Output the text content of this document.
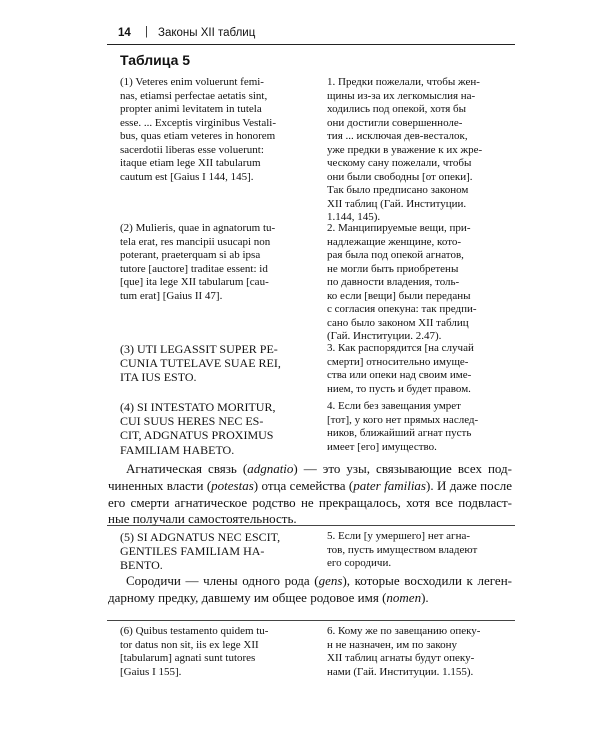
14 | Законы XII таблиц
Таблица 5
(1) Veteres enim voluerunt femi-
nas, etiamsi perfectae aetatis sint,
propter animi levitatem in tutela
esse. ... Exceptis virginibus Vestali-
bus, quas etiam veteres in honorem
sacerdotii liberas esse voluerunt:
itaque etiam lege XII tabularum
cautum est [Gaius I 144, 145].
1. Предки пожелали, чтобы жен-
щины из-за их легкомыслия на-
ходились под опекой, хотя бы
они достигли совершеннолe-
тия ... исключая дев-весталок,
уже предки в уважение к их жре-
ческому сану пожелали, чтобы
они были свободны [от опеки].
Так было предписано законом
XII таблиц (Гай. Институции.
1.144, 145).
(2) Mulieris, quae in agnatorum tu-
tela erat, res mancipii usucapi non
poterant, praeterquam si ab ipsa
tutore [auctore] traditae essent: id
[que] ita lege XII tabularum [cau-
tum erat] [Gaius II 47].
2. Манципируемые вещи, при-
надлежащие женщине, кото-
рая была под опекой агнатов,
не могли быть приобретены
по давности владения, толь-
ко если [вещи] были переданы
с согласия опекуна: так предпи-
сано было законом XII таблиц
(Гай. Институции. 2.47).
(3) UTI LEGASSIT SUPER PE-
CUNIA TUTELAVE SUAE REI,
ITA IUS ESTO.
3. Как распорядится [на случай
смерти] относительно имуще-
ства или опеки над своим име-
нием, то пусть и будет правом.
(4) SI INTESTATO MORITUR,
CUI SUUS HERES NEC ES-
CIT, ADGNATUS PROXIMUS
FAMILIAM HABETO.
4. Если без завещания умрет
[тот], у кого нет прямых наслед-
ников, ближайший агнат пусть
имеет [его] имущество.
Агнатическая связь (adgnatio) — это узы, связывающие всех под-чиненных власти (potestas) отца семейства (pater familias). И даже после его смерти агнатическое родство не прекращалось, хотя все подвласт-ные получали самостоятельность.
(5) SI ADGNATUS NEC ESCIT,
GENTILES FAMILIAM HA-
BENTO.
5. Если [у умершего] нет агна-
тов, пусть имуществом владеют
его сородичи.
Сородичи — члены одного рода (gens), которые восходили к леген-дарному предку, давшему им общее родовое имя (nomen).
(6) Quibus testamento quidem tu-
tor datus non sit, iis ex lege XII
[tabularum] agnati sunt tutores
[Gaius I 155].
6. Кому же по завещанию опеку-
н не назначен, им по закону
XII таблиц агнаты будут опеку-
нами (Гай. Институции. 1.155).
